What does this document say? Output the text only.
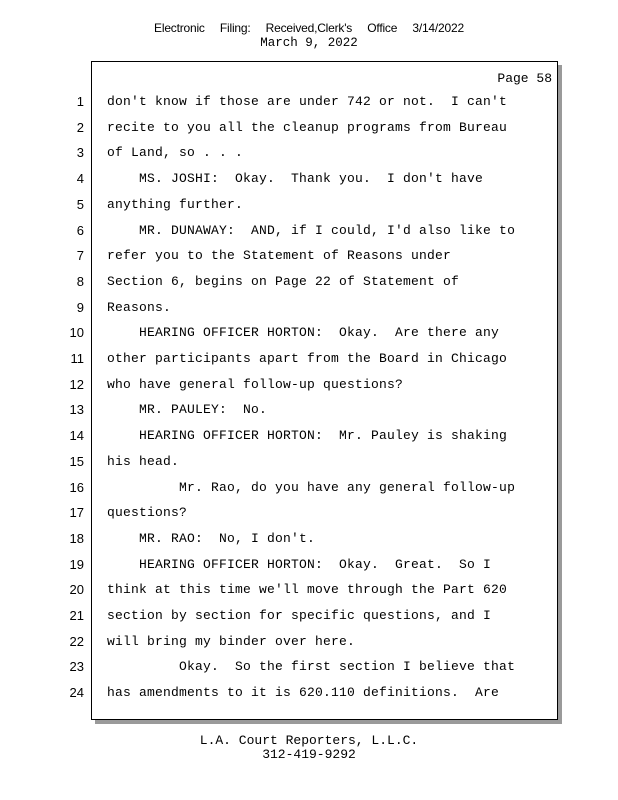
Electronic Filing: Received,Clerk's Office 3/14/2022
March 9, 2022
Page 58
1 don't know if those are under 742 or not.  I can't
2 recite to you all the cleanup programs from Bureau
3 of Land, so . . .
4 MS. JOSHI:  Okay.  Thank you.  I don't have
5 anything further.
6 MR. DUNAWAY:  AND, if I could, I'd also like to
7 refer you to the Statement of Reasons under
8 Section 6, begins on Page 22 of Statement of
9 Reasons.
10 HEARING OFFICER HORTON:  Okay.  Are there any
11 other participants apart from the Board in Chicago
12 who have general follow-up questions?
13 MR. PAULEY:  No.
14 HEARING OFFICER HORTON:  Mr. Pauley is shaking
15 his head.
16 Mr. Rao, do you have any general follow-up
17 questions?
18 MR. RAO:  No, I don't.
19 HEARING OFFICER HORTON:  Okay.  Great.  So I
20 think at this time we'll move through the Part 620
21 section by section for specific questions, and I
22 will bring my binder over here.
23 Okay.  So the first section I believe that
24 has amendments to it is 620.110 definitions.  Are
L.A. Court Reporters, L.L.C.
312-419-9292
